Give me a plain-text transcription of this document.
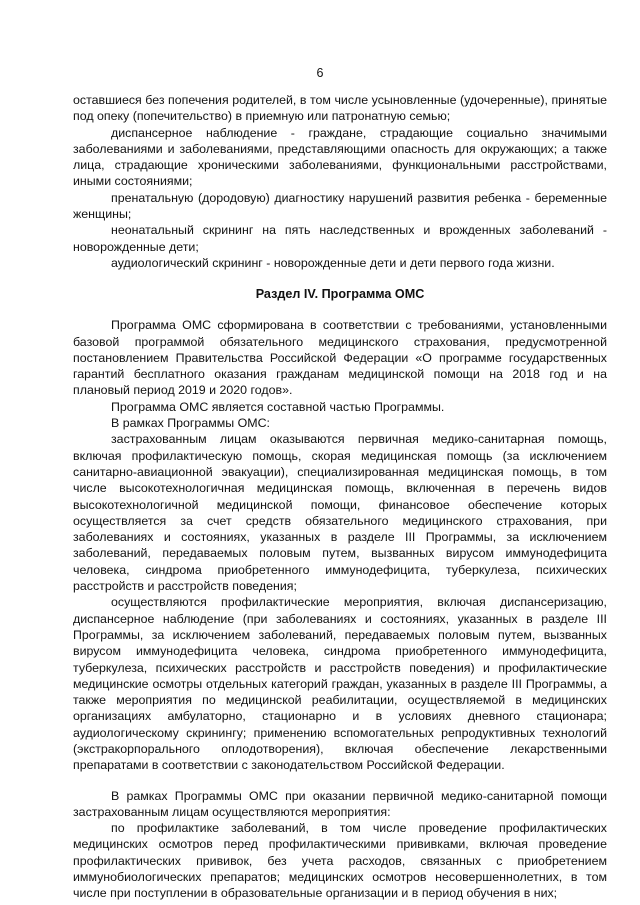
6

оставшиеся без попечения родителей, в том числе усыновленные (удочеренные), принятые под опеку (попечительство) в приемную или патронатную семью;

диспансерное наблюдение - граждане, страдающие социально значимыми заболеваниями и заболеваниями, представляющими опасность для окружающих; а также лица, страдающие хроническими заболеваниями, функциональными расстройствами, иными состояниями;

пренатальную (дородовую) диагностику нарушений развития ребенка - беременные женщины;

неонатальный скрининг на пять наследственных и врожденных заболеваний - новорожденные дети;

аудиологический скрининг - новорожденные дети и дети первого года жизни.

Раздел IV. Программа ОМС

Программа ОМС сформирована в соответствии с требованиями, установленными базовой программой обязательного медицинского страхования, предусмотренной постановлением Правительства Российской Федерации «О программе государственных гарантий бесплатного оказания гражданам медицинской помощи на 2018 год и на плановый период 2019 и 2020 годов».

Программа ОМС является составной частью Программы.

В рамках Программы ОМС:

застрахованным лицам оказываются первичная медико-санитарная помощь, включая профилактическую помощь, скорая медицинская помощь (за исключением санитарно-авиационной эвакуации), специализированная медицинская помощь, в том числе высокотехнологичная медицинская помощь, включенная в перечень видов высокотехнологичной медицинской помощи, финансовое обеспечение которых осуществляется за счет средств обязательного медицинского страхования, при заболеваниях и состояниях, указанных в разделе III Программы, за исключением заболеваний, передаваемых половым путем, вызванных вирусом иммунодефицита человека, синдрома приобретенного иммунодефицита, туберкулеза, психических расстройств и расстройств поведения;

осуществляются профилактические мероприятия, включая диспансеризацию, диспансерное наблюдение (при заболеваниях и состояниях, указанных в разделе III Программы, за исключением заболеваний, передаваемых половым путем, вызванных вирусом иммунодефицита человека, синдрома приобретенного иммунодефицита, туберкулеза, психических расстройств и расстройств поведения) и профилактические медицинские осмотры отдельных категорий граждан, указанных в разделе III Программы, а также мероприятия по медицинской реабилитации, осуществляемой в медицинских организациях амбулаторно, стационарно и в условиях дневного стационара; аудиологическому скринингу; применению вспомогательных репродуктивных технологий (экстракорпорального оплодотворения), включая обеспечение лекарственными препаратами в соответствии с законодательством Российской Федерации.

В рамках Программы ОМС при оказании первичной медико-санитарной помощи застрахованным лицам осуществляются мероприятия:

по профилактике заболеваний, в том числе проведение профилактических медицинских осмотров перед профилактическими прививками, включая проведение профилактических прививок, без учета расходов, связанных с приобретением иммунобиологических препаратов; медицинских осмотров несовершеннолетних, в том числе при поступлении в образовательные организации и в период обучения в них;
